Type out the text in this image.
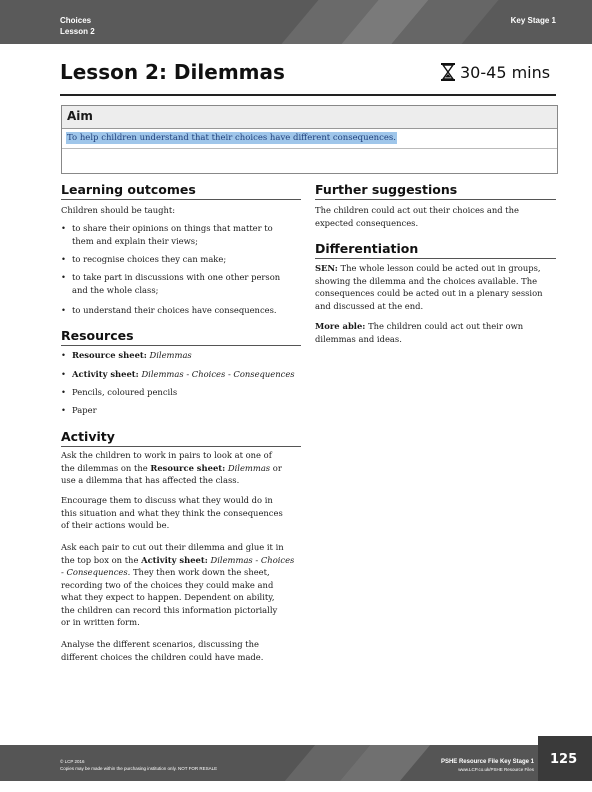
Choices
Lesson 2
Key Stage 1
Lesson 2: Dilemmas	30-45 mins
Aim
To help children understand that their choices have different consequences.
Learning outcomes
Children should be taught:
• to share their opinions on things that matter to
them and explain their views;
• to recognise choices they can make;
• to take part in discussions with one other person
and the whole class;
• to understand their choices have consequences.
Resources
• Resource sheet: Dilemmas
• Activity sheet: Dilemmas - Choices - Consequences
• Pencils, coloured pencils
• Paper
Activity
Ask the children to work in pairs to look at one of
the dilemmas on the Resource sheet: Dilemmas or
use a dilemma that has affected the class.
Encourage them to discuss what they would do in
this situation and what they think the consequences
of their actions would be.
Ask each pair to cut out their dilemma and glue it in
the top box on the Activity sheet: Dilemmas - Choices
- Consequences. They then work down the sheet,
recording two of the choices they could make and
what they expect to happen. Dependent on ability,
the children can record this information pictorially
or in written form.
Analyse the different scenarios, discussing the
different choices the children could have made.
Further suggestions
The children could act out their choices and the
expected consequences.
Differentiation
SEN: The whole lesson could be acted out in groups,
showing the dilemma and the choices available. The
consequences could be acted out in a plenary session
and discussed at the end.
More able: The children could act out their own
dilemmas and ideas.
© LCP 2016
Copies may be made within the purchasing institution only. NOT FOR RESALE
PSHE Resource File Key Stage 1
www.LCP.co.uk/PSHE Resource Files
125
